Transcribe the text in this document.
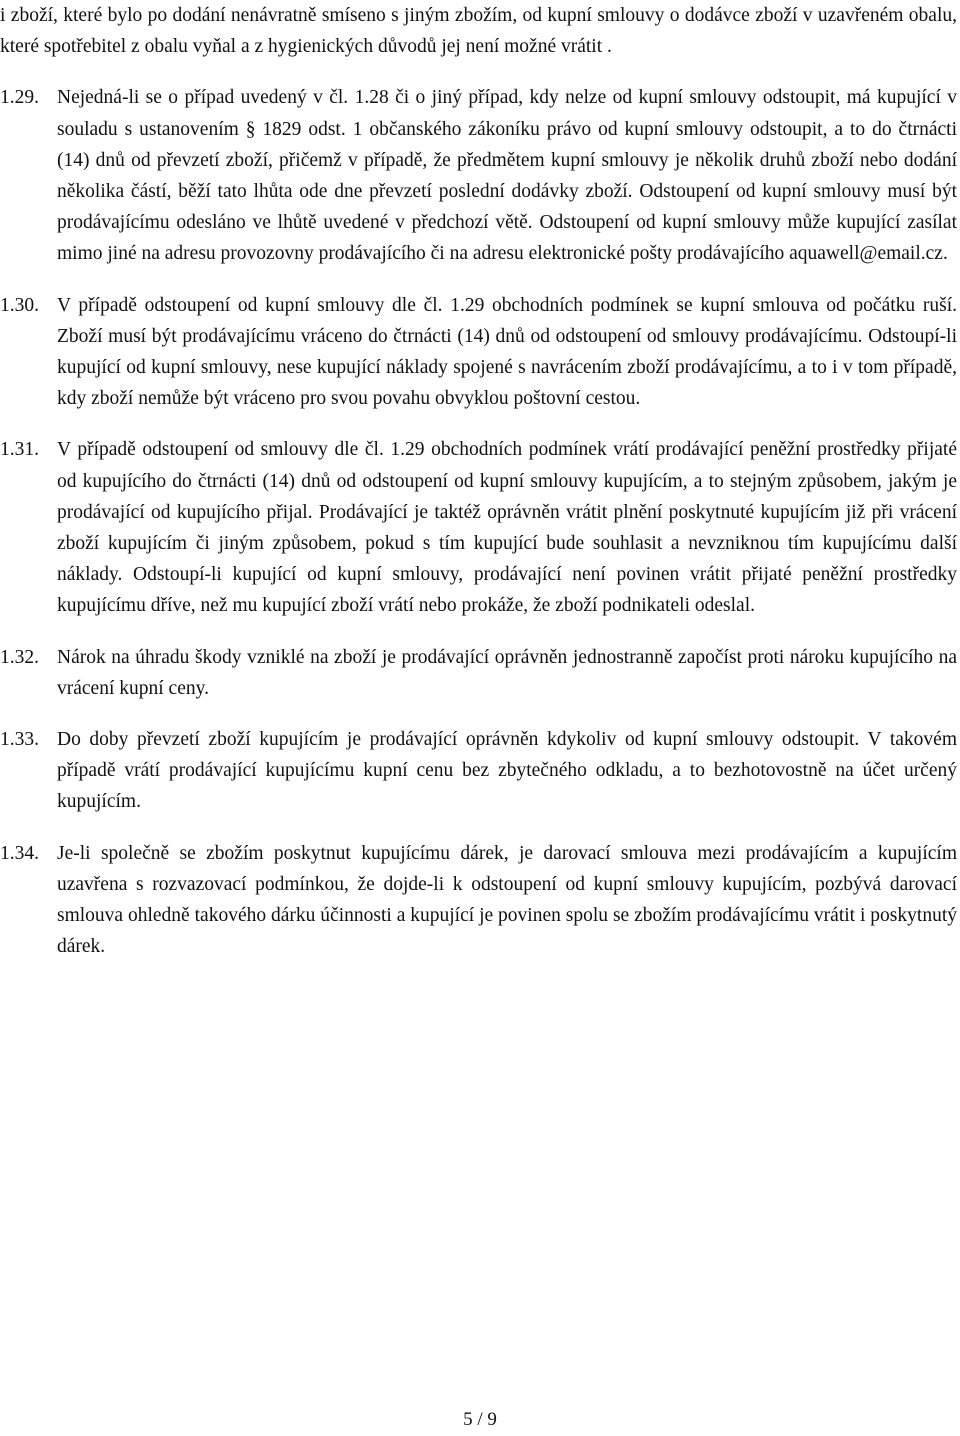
i zboží, které bylo po dodání nenávratně smíseno s jiným zbožím, od kupní smlouvy o dodávce zboží v uzavřeném obalu, které spotřebitel z obalu vyňal a z hygienických důvodů jej není možné vrátit .

1.29. Nejedná-li se o případ uvedený v čl. 1.28 či o jiný případ, kdy nelze od kupní smlouvy odstoupit, má kupující v souladu s ustanovením § 1829 odst. 1 občanského zákoníku právo od kupní smlouvy odstoupit, a to do čtrnácti (14) dnů od převzetí zboží, přičemž v případě, že předmětem kupní smlouvy je několik druhů zboží nebo dodání několika částí, běží tato lhůta ode dne převzetí poslední dodávky zboží. Odstoupení od kupní smlouvy musí být prodávajícímu odesláno ve lhůtě uvedené v předchozí větě. Odstoupení od kupní smlouvy může kupující zasílat mimo jiné na adresu provozovny prodávajícího či na adresu elektronické pošty prodávajícího aquawell@email.cz.
1.30. V případě odstoupení od kupní smlouvy dle čl. 1.29 obchodních podmínek se kupní smlouva od počátku ruší. Zboží musí být prodávajícímu vráceno do čtrnácti (14) dnů od odstoupení od smlouvy prodávajícímu. Odstoupí-li kupující od kupní smlouvy, nese kupující náklady spojené s navrácením zboží prodávajícímu, a to i v tom případě, kdy zboží nemůže být vráceno pro svou povahu obvyklou poštovní cestou.
1.31. V případě odstoupení od smlouvy dle čl. 1.29 obchodních podmínek vrátí prodávající peněžní prostředky přijaté od kupujícího do čtrnácti (14) dnů od odstoupení od kupní smlouvy kupujícím, a to stejným způsobem, jakým je prodávající od kupujícího přijal. Prodávající je taktéž oprávněn vrátit plnění poskytnuté kupujícím již při vrácení zboží kupujícím či jiným způsobem, pokud s tím kupující bude souhlasit a nevzniknou tím kupujícímu další náklady. Odstoupí-li kupující od kupní smlouvy, prodávající není povinen vrátit přijaté peněžní prostředky kupujícímu dříve, než mu kupující zboží vrátí nebo prokáže, že zboží podnikateli odeslal.
1.32. Nárok na úhradu škody vzniklé na zboží je prodávající oprávněn jednostranně započíst proti nároku kupujícího na vrácení kupní ceny.
1.33. Do doby převzetí zboží kupujícím je prodávající oprávněn kdykoliv od kupní smlouvy odstoupit. V takovém případě vrátí prodávající kupujícímu kupní cenu bez zbytečného odkladu, a to bezhotovostně na účet určený kupujícím.
1.34. Je-li společně se zbožím poskytnut kupujícímu dárek, je darovací smlouva mezi prodávajícím a kupujícím uzavřena s rozvazovací podmínkou, že dojde-li k odstoupení od kupní smlouvy kupujícím, pozbývá darovací smlouva ohledně takového dárku účinnosti a kupující je povinen spolu se zbožím prodávajícímu vrátit i poskytnutý dárek.
5 / 9
